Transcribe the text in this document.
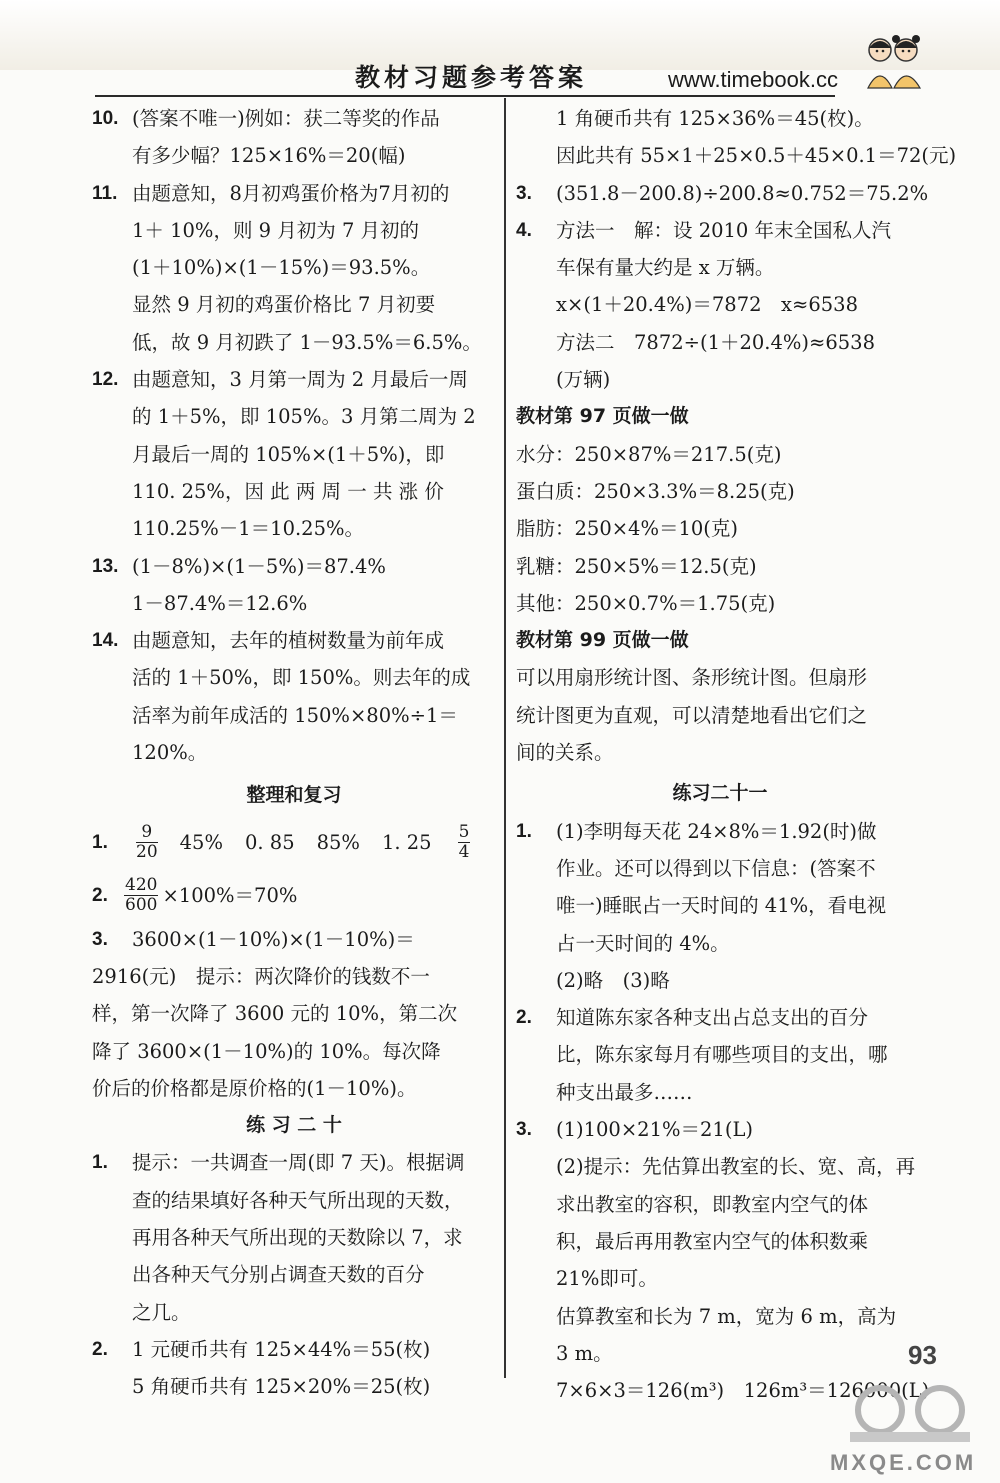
教材习题参考答案	www.timebook.cc
10. (答案不唯一)例如：获二等奖的作品
有多少幅？125×16%＝20(幅)
11. 由题意知，8月初鸡蛋价格为7月初的
1＋ 10%，则 9 月初为 7 月初的
(1＋10%)×(1－15%)＝93.5%。
显然 9 月初的鸡蛋价格比 7 月初要
低，故 9 月初跌了 1－93.5%＝6.5%。
12. 由题意知，3 月第一周为 2 月最后一周
的 1＋5%，即 105%。3 月第二周为 2
月最后一周的 105%×(1＋5%)，即
110. 25%，因 此 两 周 一 共 涨 价
110.25%－1＝10.25%。
13. (1－8%)×(1－5%)＝87.4%
1－87.4%＝12.6%
14. 由题意知，去年的植树数量为前年成
活的 1＋50%，即 150%。则去年的成
活率为前年成活的 150%×80%÷1＝
120%。
整理和复习
1.	$\frac{9}{20} 45\%$ 0. 85 85% 1. $25 \frac{5}{4}$
2. $\frac{420}{600} \times 100\%=70\%$
3. 3600×(1－10%)×(1－10%)＝
2916(元)　提示：两次降价的钱数不一
样，第一次降了 3600 元的 10%，第二次
降了 3600×(1－10%)的 10%。每次降
价后的价格都是原价格的(1－10%)。
练 习 二 十
1. 提示：一共调查一周(即 7 天)。根据调
查的结果填好各种天气所出现的天数，
再用各种天气所出现的天数除以 7，求
出各种天气分别占调查天数的百分
之几。
2. 1 元硬币共有 125×44%＝55(枚)
5 角硬币共有 125×20%＝25(枚)
1 角硬币共有 125×36%＝45(枚)。
因此共有 55×1＋25×0.5＋45×0.1＝72(元)
3. (351.8－200.8)÷200.8≈0.752＝75.2%
4. 方法一　解：设 2010 年末全国私人汽
车保有量大约是 x 万辆。
x×(1＋20.4%)＝7872　x≈6538
方法二　7872÷(1＋20.4%)≈6538
(万辆)
教材第 97 页做一做
水分：250×87%＝217.5(克)
蛋白质：250×3.3%＝8.25(克)
脂肪：250×4%＝10(克)
乳糖：250×5%＝12.5(克)
其他：250×0.7%＝1.75(克)
教材第 99 页做一做
可以用扇形统计图、条形统计图。但扇形
统计图更为直观，可以清楚地看出它们之
间的关系。
练习二十一
1. (1)李明每天花 24×8%＝1.92(时)做
作业。还可以得到以下信息：(答案不
唯一)睡眠占一天时间的 41%，看电视
占一天时间的 4%。
(2)略　(3)略
2. 知道陈东家各种支出占总支出的百分
比，陈东家每月有哪些项目的支出，哪
种支出最多……
3. (1)100×21%＝21(L)
(2)提示：先估算出教室的长、宽、高，再
求出教室的容积，即教室内空气的体
积，最后再用教室内空气的体积数乘
21%即可。
估算教室和长为 7 m，宽为 6 m，高为
3 m。
7×6×3＝126(m³)　126m³＝126000(L)
93
MXQE.COM
